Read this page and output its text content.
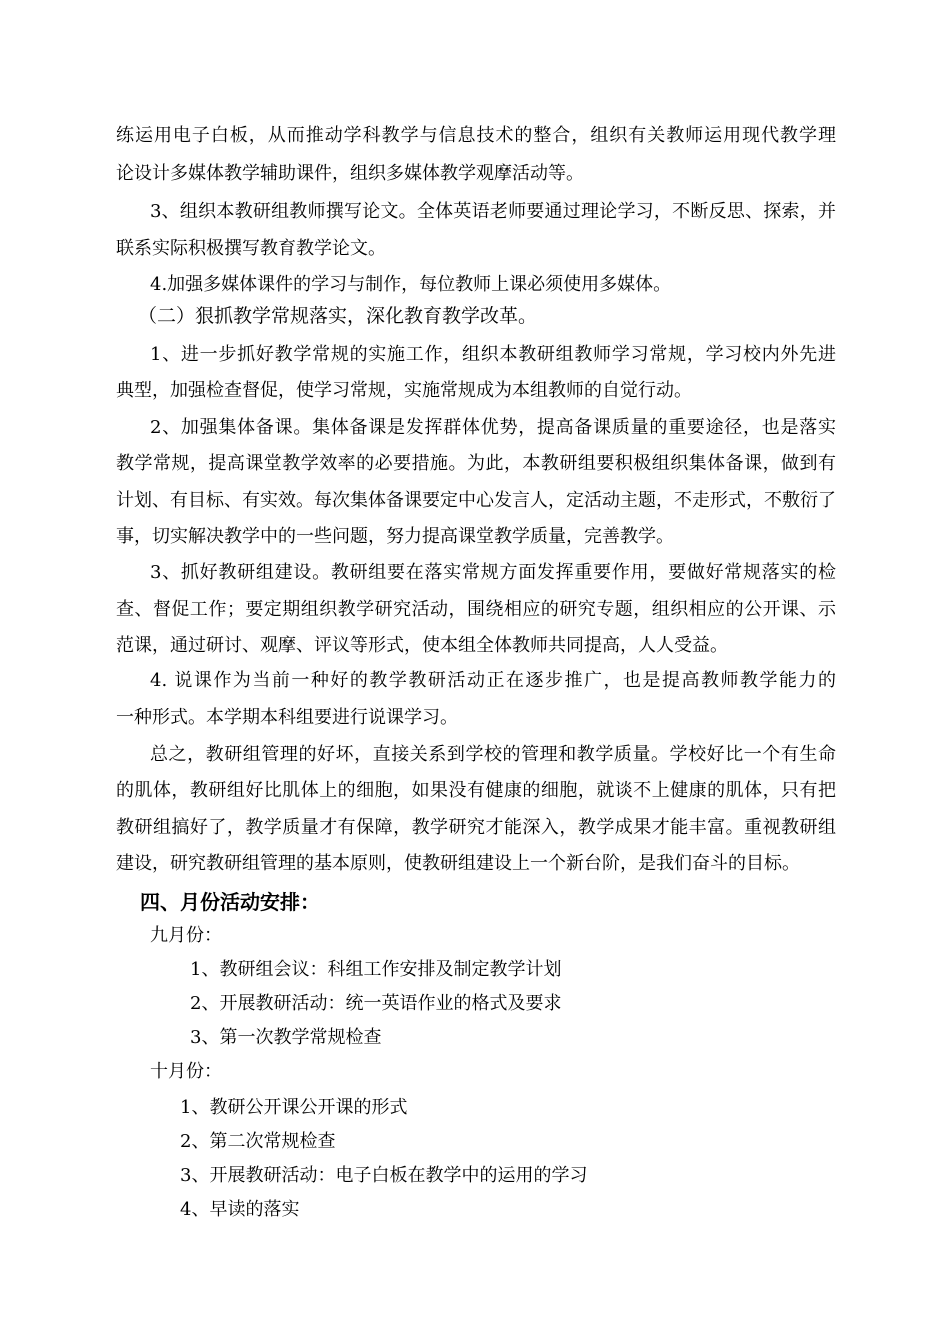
练运用电子白板，从而推动学科教学与信息技术的整合，组织有关教师运用现代教学理

论设计多媒体教学辅助课件，组织多媒体教学观摩活动等。

3、组织本教研组教师撰写论文。全体英语老师要通过理论学习，不断反思、探索，并

联系实际积极撰写教育教学论文。

4.加强多媒体课件的学习与制作，每位教师上课必须使用多媒体。

（二）狠抓教学常规落实，深化教育教学改革。

1、进一步抓好教学常规的实施工作，组织本教研组教师学习常规，学习校内外先进

典型，加强检查督促，使学习常规，实施常规成为本组教师的自觉行动。

2、加强集体备课。集体备课是发挥群体优势，提高备课质量的重要途径，也是落实

教学常规，提高课堂教学效率的必要措施。为此，本教研组要积极组织集体备课，做到有

计划、有目标、有实效。每次集体备课要定中心发言人，定活动主题，不走形式，不敷衍了

事，切实解决教学中的一些问题，努力提高课堂教学质量，完善教学。

3、抓好教研组建设。教研组要在落实常规方面发挥重要作用，要做好常规落实的检

查、督促工作；要定期组织教学研究活动，围绕相应的研究专题，组织相应的公开课、示

范课，通过研讨、观摩、评议等形式，使本组全体教师共同提高，人人受益。

4. 说课作为当前一种好的教学教研活动正在逐步推广，也是提高教师教学能力的

一种形式。本学期本科组要进行说课学习。

总之，教研组管理的好坏，直接关系到学校的管理和教学质量。学校好比一个有生命

的肌体，教研组好比肌体上的细胞，如果没有健康的细胞，就谈不上健康的肌体，只有把

教研组搞好了，教学质量才有保障，教学研究才能深入，教学成果才能丰富。重视教研组

建设，研究教研组管理的基本原则，使教研组建设上一个新台阶，是我们奋斗的目标。

四、月份活动安排：

九月份：

1、教研组会议：科组工作安排及制定教学计划

2、开展教研活动：统一英语作业的格式及要求

3、第一次教学常规检查

十月份：

1、教研公开课公开课的形式

2、第二次常规检查

3、开展教研活动：电子白板在教学中的运用的学习

4、早读的落实
